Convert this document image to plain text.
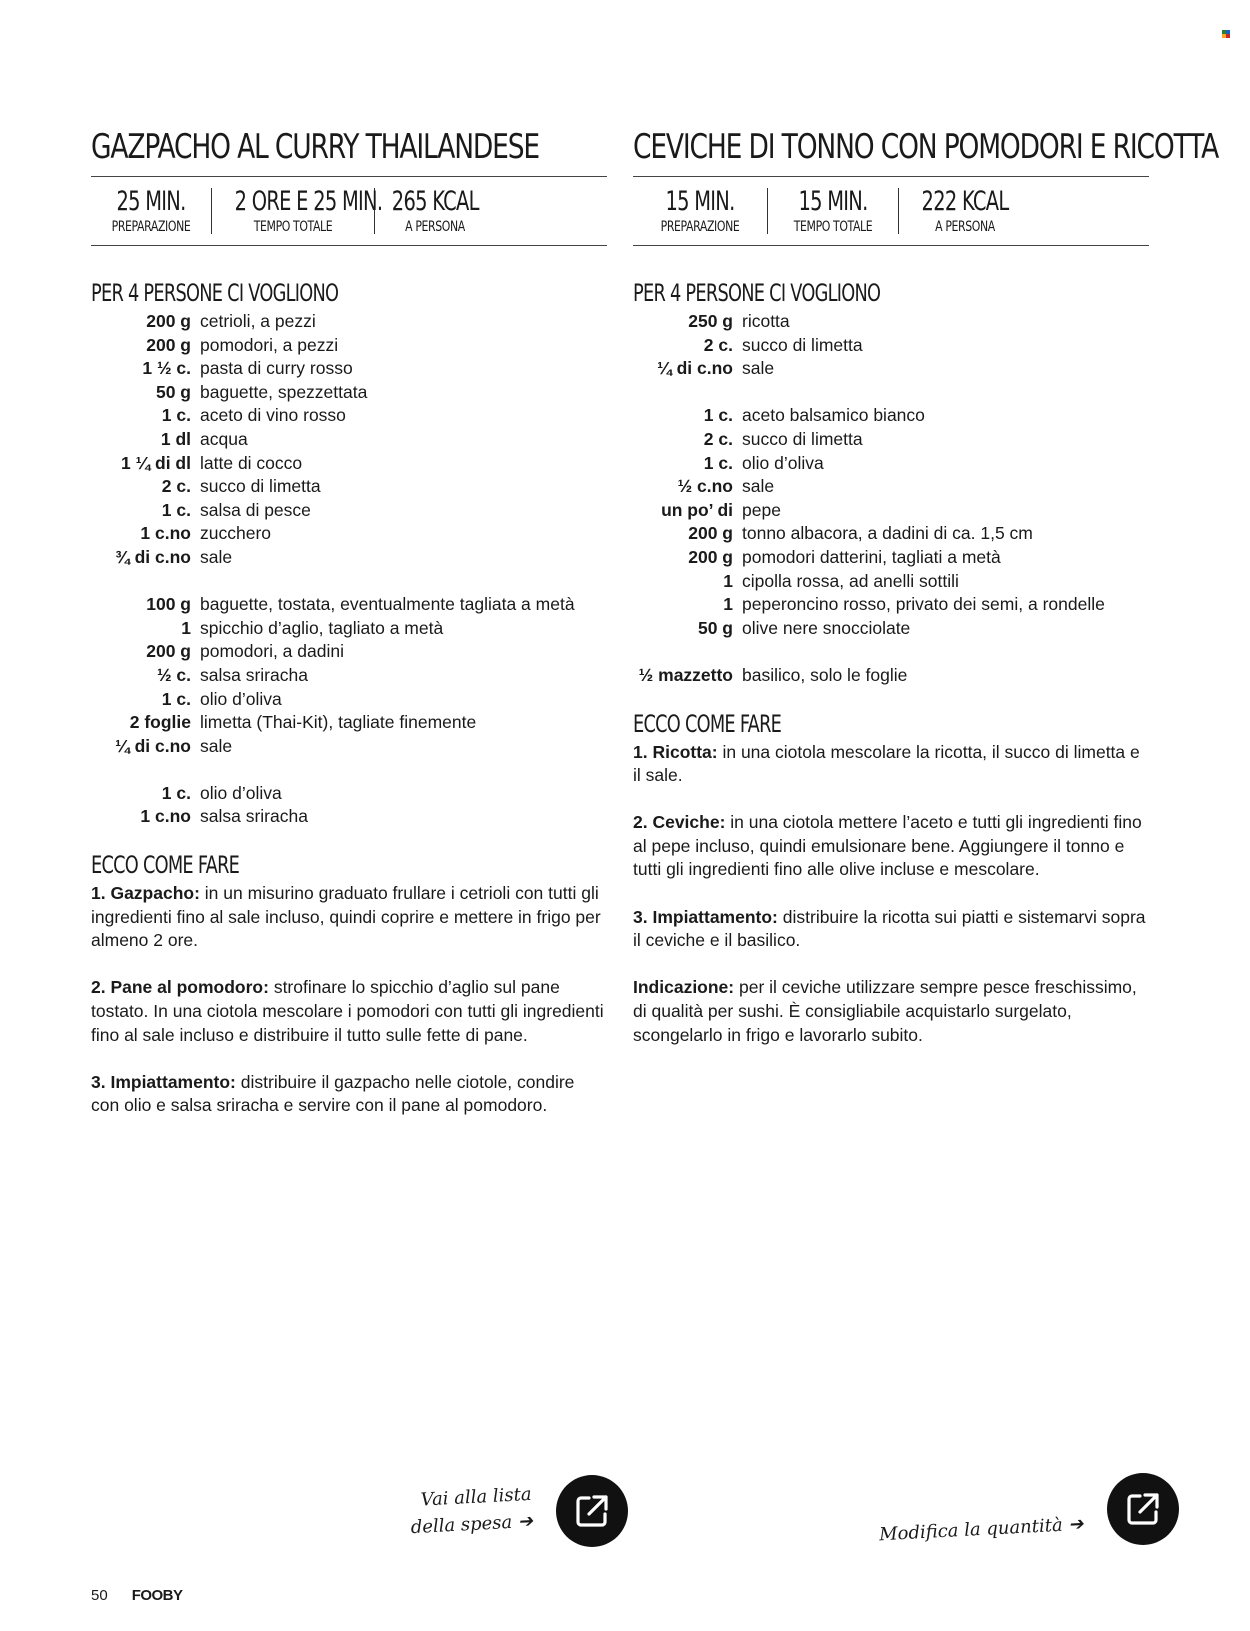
GAZPACHO AL CURRY THAILANDESE
25 MIN.
PREPARAZIONE
2 ORE E 25 MIN.
TEMPO TOTALE
265 KCAL
A PERSONA
PER 4 PERSONE CI VOGLIONO
200 g cetrioli, a pezzi
200 g pomodori, a pezzi
1 ½ c. pasta di curry rosso
50 g baguette, spezzettata
1 c. aceto di vino rosso
1 dl acqua
1 ¼ di dl latte di cocco
2 c. succo di limetta
1 c. salsa di pesce
1 c.no zucchero
¾ di c.no sale
100 g baguette, tostata, eventualmente tagliata a metà
1 spicchio d’aglio, tagliato a metà
200 g pomodori, a dadini
½ c. salsa sriracha
1 c. olio d’oliva
2 foglie limetta (Thai-Kit), tagliate finemente
¼ di c.no sale
1 c. olio d’oliva
1 c.no salsa sriracha
ECCO COME FARE

1. Gazpacho: in un misurino graduato frullare i cetrioli con tutti gli ingredienti fino al sale incluso, quindi coprire e mettere in frigo per almeno 2 ore.

2. Pane al pomodoro: strofinare lo spicchio d’aglio sul pane tostato. In una ciotola mescolare i pomodori con tutti gli ingredienti fino al sale incluso e distribuire il tutto sulle fette di pane.

3. Impiattamento: distribuire il gazpacho nelle ciotole, condire con olio e salsa sriracha e servire con il pane al pomodoro.

CEVICHE DI TONNO CON POMODORI E RICOTTA
15 MIN.
PREPARAZIONE
15 MIN.
TEMPO TOTALE
222 KCAL
A PERSONA
PER 4 PERSONE CI VOGLIONO
250 g ricotta
2 c. succo di limetta
¼ di c.no sale
1 c. aceto balsamico bianco
2 c. succo di limetta
1 c. olio d’oliva
½ c.no sale
un po’ di pepe
200 g tonno albacora, a dadini di ca. 1,5 cm
200 g pomodori datterini, tagliati a metà
1 cipolla rossa, ad anelli sottili
1 peperoncino rosso, privato dei semi, a rondelle
50 g olive nere snocciolate
½ mazzetto basilico, solo le foglie
ECCO COME FARE

1. Ricotta: in una ciotola mescolare la ricotta, il succo di limetta e il sale.

2. Ceviche: in una ciotola mettere l’aceto e tutti gli ingredienti fino al pepe incluso, quindi emulsionare bene. Aggiungere il tonno e tutti gli ingredienti fino alle olive incluse e mescolare.

3. Impiattamento: distribuire la ricotta sui piatti e sistemarvi sopra il ceviche e il basilico.

Indicazione: per il ceviche utilizzare sempre pesce freschissimo, di qualità per sushi. È consigliabile acquistarlo surgelato, scongelarlo in frigo e lavorarlo subito.

Vai alla lista
della spesa ➔	Modifica la quantità ➔
50 FOOBY
